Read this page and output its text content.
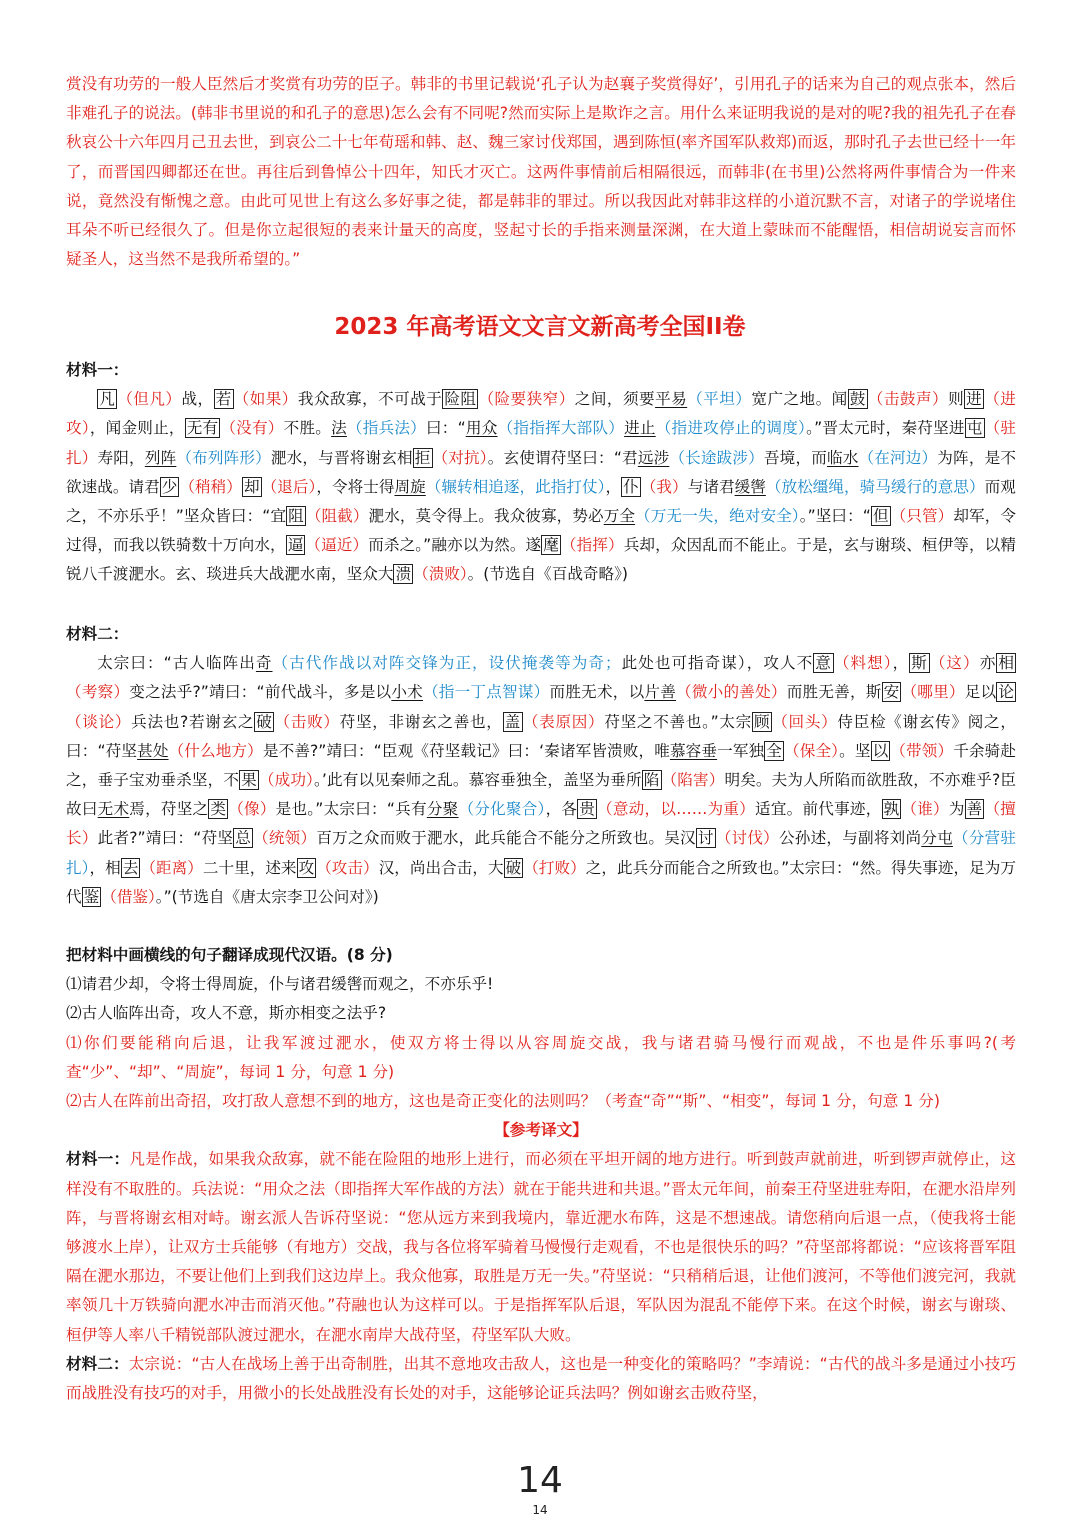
赏没有功劳的一般人臣然后才奖赏有功劳的臣子。韩非的书里记载说‘孔子认为赵襄子奖赏得好’，引用孔子的话来为自己的观点张本，然后非难孔子的说法。(韩非书里说的和孔子的意思)怎么会有不同呢?然而实际上是欺诈之言。用什么来证明我说的是对的呢?我的祖先孔子在春秋哀公十六年四月己丑去世，到哀公二十七年荀瑶和韩、赵、魏三家讨伐郑国，遇到陈恒(率齐国军队救郑)而返，那时孔子去世已经十一年了，而晋国四卿都还在世。再往后到鲁悼公十四年，知氏才灭亡。这两件事情前后相隔很远，而韩非(在书里)公然将两件事情合为一件来说，竟然没有惭愧之意。由此可见世上有这么多好事之徒，都是韩非的罪过。所以我因此对韩非这样的小道沉默不言，对诸子的学说堵住耳朵不听已经很久了。但是你立起很短的表来计量天的高度，竖起寸长的手指来测量深渊，在大道上蒙昧而不能醒悟，相信胡说妄言而怀疑圣人，这当然不是我所希望的。”

2023 年高考语文文言文新高考全国II卷

材料一：

凡 （但凡）战， 若 （如果）我众敌寡，不可战于 险阻 （险要狭窄）之间，须要平易（平坦）宽广之地。闻 鼓 （击鼓声）则 进 （进攻），闻金则止， 无有 （没有）不胜。法（指兵法）曰：“用众（指指挥大部队）进止（指进攻停止的调度）。”晋太元时，秦苻坚进 屯 （驻扎）寿阳，列阵（布列阵形）淝水，与晋将谢玄相 拒 （对抗）。玄使谓苻坚曰：“君远涉（长途跋涉）吾境，而临水（在河边）为阵，是不欲速战。请君 少 （稍稍） 却 （退后），令将士得周旋（辗转相追逐，此指打仗）， 仆 （我）与诸君缓辔（放松缰绳，骑马缓行的意思）而观之，不亦乐乎！”坚众皆曰：“宜 阻 （阻截）淝水，莫令得上。我众彼寡，势必万全（万无一失，绝对安全）。”坚曰：“ 但 （只管）却军，令过得，而我以铁骑数十万向水， 逼 （逼近）而杀之。”融亦以为然。遂 麾 （指挥）兵却，众因乱而不能止。于是，玄与谢琰、桓伊等，以精锐八千渡淝水。玄、琰进兵大战淝水南，坚众大 溃 （溃败）。(节选自《百战奇略》)

材料二：

太宗曰：“古人临阵出奇（古代作战以对阵交锋为正，设伏掩袭等为奇；此处也可指奇谋），攻人不 意 （料想）， 斯 （这）亦 相（考察）变之法乎?”靖曰：“前代战斗，多是以小术（指一丁点智谋）而胜无术，以片善（微小的善处）而胜无善，斯 安 （哪里）足以 论（谈论）兵法也?若谢玄之 破 （击败）苻坚，非谢玄之善也， 盖 （表原因）苻坚之不善也。”太宗 顾 （回头）侍臣检《谢玄传》阅之，曰：“苻坚甚处（什么地方）是不善?”靖曰：“臣观《苻坚载记》曰：‘秦诸军皆溃败，唯慕容垂一军独 全 （保全）。坚 以 （带领）千余骑赴之，垂子宝劝垂杀坚，不 果 （成功）。’此有以见秦师之乱。慕容垂独全，盖坚为垂所 陷 （陷害）明矣。夫为人所陷而欲胜敌，不亦难乎?臣故曰无术焉，苻坚之 类 （像）是也。”太宗曰：“兵有分聚（分化聚合），各 贵 （意动，以……为重）适宜。前代事迹， 孰 （谁）为 善 （擅长）此者?”靖曰：“苻坚 总 （统领）百万之众而败于淝水，此兵能合不能分之所致也。吴汉 讨 （讨伐）公孙述，与副将刘尚分屯（分营驻扎），相 去 （距离）二十里，述来 攻 （攻击）汉，尚出合击，大 破 （打败）之，此兵分而能合之所致也。”太宗曰：“然。得失事迹，足为万代 鉴 （借鉴）。”(节选自《唐太宗李卫公问对》)

把材料中画横线的句子翻译成现代汉语。(8 分)

⑴请君少却，令将士得周旋，仆与诸君缓辔而观之，不亦乐乎!

⑵古人临阵出奇，攻人不意，斯亦相变之法乎?

⑴你们要能稍向后退，让我军渡过淝水，使双方将士得以从容周旋交战，我与诸君骑马慢行而观战，不也是件乐事吗?(考查“少”、“却”、“周旋”，每词 1 分，句意 1 分)

⑵古人在阵前出奇招，攻打敌人意想不到的地方，这也是奇正变化的法则吗？（考查“奇”“斯”、“相变”，每词 1 分，句意 1 分)

【参考译文】

材料一：凡是作战，如果我众敌寡，就不能在险阻的地形上进行，而必须在平坦开阔的地方进行。听到鼓声就前进，听到锣声就停止，这样没有不取胜的。兵法说：“用众之法（即指挥大军作战的方法）就在于能共进和共退。”晋太元年间，前秦王苻坚进驻寿阳，在淝水沿岸列阵，与晋将谢玄相对峙。谢玄派人告诉苻坚说：“您从远方来到我境内，靠近淝水布阵，这是不想速战。请您稍向后退一点，（使我将士能够渡水上岸），让双方士兵能够（有地方）交战，我与各位将军骑着马慢慢行走观看，不也是很快乐的吗？”苻坚部将都说：“应该将晋军阻隔在淝水那边，不要让他们上到我们这边岸上。我众他寡，取胜是万无一失。”苻坚说：“只稍稍后退，让他们渡河，不等他们渡完河，我就率领几十万铁骑向淝水冲击而消灭他。”苻融也认为这样可以。于是指挥军队后退，军队因为混乱不能停下来。在这个时候，谢玄与谢琰、桓伊等人率八千精锐部队渡过淝水，在淝水南岸大战苻坚，苻坚军队大败。

材料二：太宗说：“古人在战场上善于出奇制胜，出其不意地攻击敌人，这也是一种变化的策略吗？”李靖说：“古代的战斗多是通过小技巧而战胜没有技巧的对手，用微小的长处战胜没有长处的对手，这能够论证兵法吗？例如谢玄击败苻坚，

14
14
